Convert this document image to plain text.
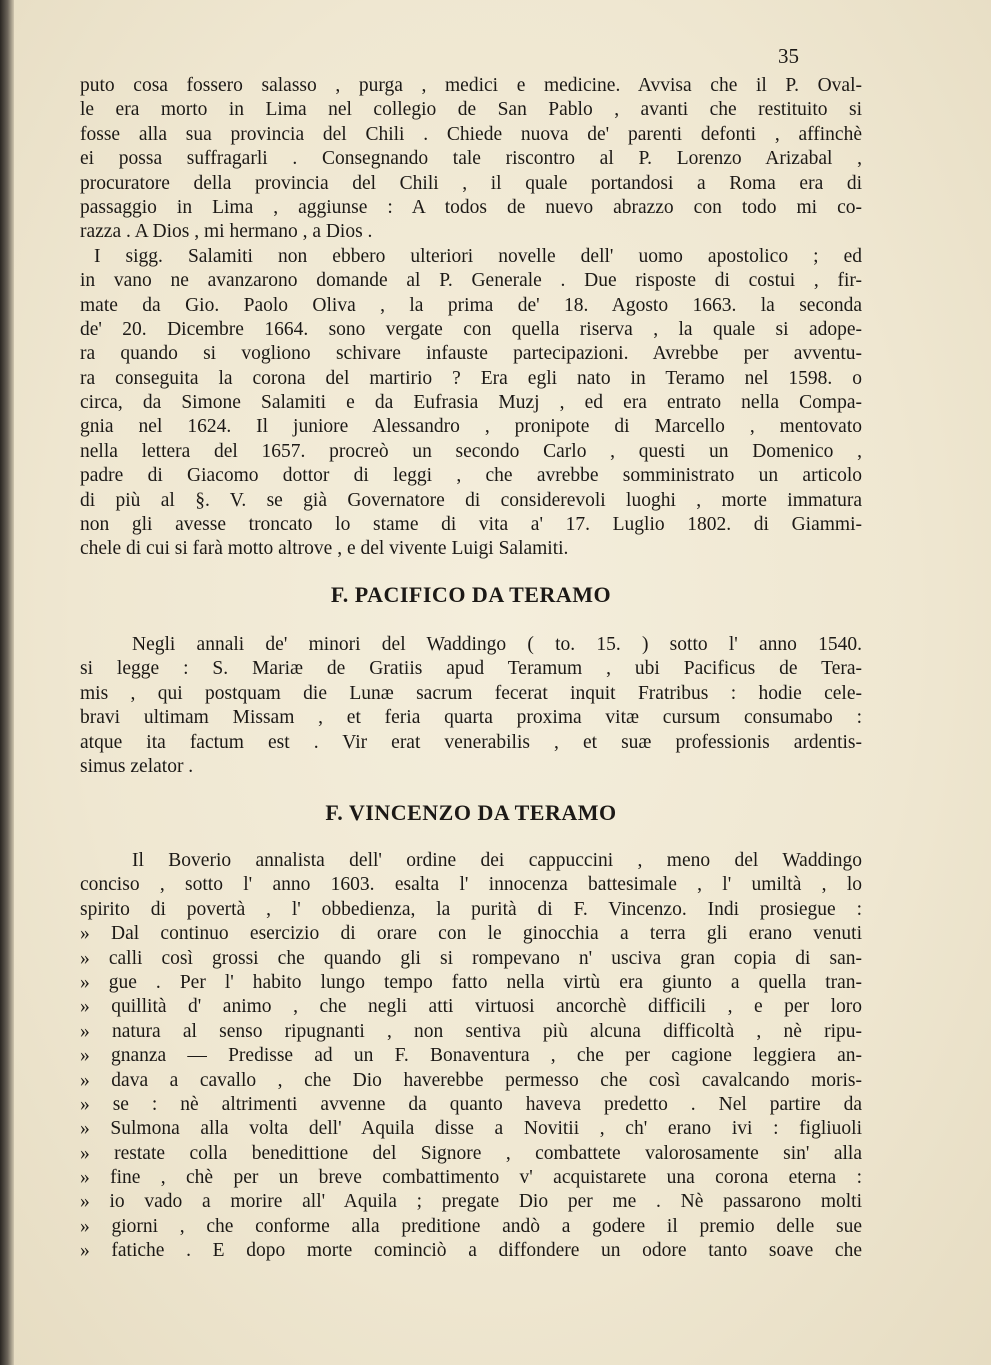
35
puto cosa fossero salasso , purga , medici e medicine. Avvisa che il P. Oval-
le era morto in Lima nel collegio de San Pablo , avanti che restituito si
fosse alla sua provincia del Chili . Chiede nuova de' parenti defonti , affinchè
ei possa suffragarli . Consegnando tale riscontro al P. Lorenzo Arizabal ,
procuratore della provincia del Chili , il quale portandosi a Roma era di
passaggio in Lima , aggiunse : A todos de nuevo abrazzo con todo mi co-
razza . A Dios , mi hermano , a Dios .
I sigg. Salamiti non ebbero ulteriori novelle dell' uomo apostolico ; ed
in vano ne avanzarono domande al P. Generale . Due risposte di costui , fir-
mate da Gio. Paolo Oliva , la prima de' 18. Agosto 1663. la seconda
de' 20. Dicembre 1664. sono vergate con quella riserva , la quale si adope-
ra quando si vogliono schivare infauste partecipazioni. Avrebbe per avventu-
ra conseguita la corona del martirio ? Era egli nato in Teramo nel 1598. o
circa, da Simone Salamiti e da Eufrasia Muzj , ed era entrato nella Compa-
gnia nel 1624. Il juniore Alessandro , pronipote di Marcello , mentovato
nella lettera del 1657. procreò un secondo Carlo , questi un Domenico ,
padre di Giacomo dottor di leggi , che avrebbe somministrato un articolo
di più al §. V. se già Governatore di considerevoli luoghi , morte immatura
non gli avesse troncato lo stame di vita a' 17. Luglio 1802. di Giammi-
chele di cui si farà motto altrove , e del vivente Luigi Salamiti.
F. PACIFICO DA TERAMO
Negli annali de' minori del Waddingo ( to. 15. ) sotto l' anno 1540.
si legge : S. Mariæ de Gratiis apud Teramum , ubi Pacificus de Tera-
mis , qui postquam die Lunæ sacrum fecerat inquit Fratribus : hodie cele-
bravi ultimam Missam , et feria quarta proxima vitæ cursum consumabo :
atque ita factum est . Vir erat venerabilis , et suæ professionis ardentis-
simus zelator .
F. VINCENZO DA TERAMO
Il Boverio annalista dell' ordine dei cappuccini , meno del Waddingo
conciso , sotto l' anno 1603. esalta l' innocenza battesimale , l' umiltà , lo
spirito di povertà , l' obbedienza, la purità di F. Vincenzo. Indi prosiegue :
» Dal continuo esercizio di orare con le ginocchia a terra gli erano venuti
» calli così grossi che quando gli si rompevano n' usciva gran copia di san-
» gue . Per l' habito lungo tempo fatto nella virtù era giunto a quella tran-
» quillità d' animo , che negli atti virtuosi ancorchè difficili , e per loro
» natura al senso ripugnanti , non sentiva più alcuna difficoltà , nè ripu-
» gnanza — Predisse ad un F. Bonaventura , che per cagione leggiera an-
» dava a cavallo , che Dio haverebbe permesso che così cavalcando moris-
» se : nè altrimenti avvenne da quanto haveva predetto . Nel partire da
» Sulmona alla volta dell' Aquila disse a Novitii , ch' erano ivi : figliuoli
» restate colla benedittione del Signore , combattete valorosamente sin' alla
» fine , chè per un breve combattimento v' acquistarete una corona eterna :
» io vado a morire all' Aquila ; pregate Dio per me . Nè passarono molti
» giorni , che conforme alla preditione andò a godere il premio delle sue
» fatiche . E dopo morte cominciò a diffondere un odore tanto soave che
